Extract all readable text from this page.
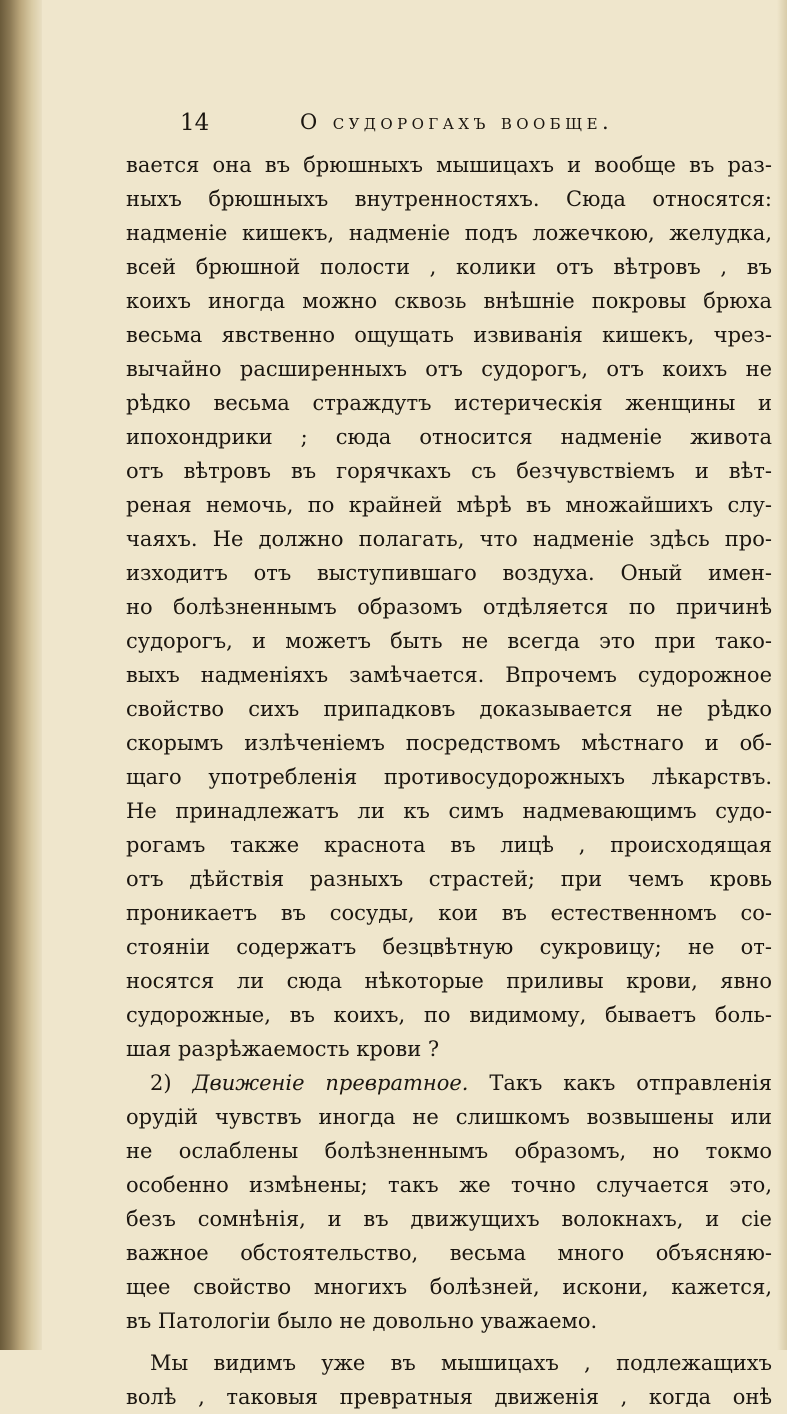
14	О судорогахъ вообще.
вается она въ брюшныхъ мышицахъ и вообще въ раз-
ныхъ брюшныхъ внутренностяхъ. Сюда относятся:
надменіе кишекъ, надменіе подъ ложечкою, желудка,
всей брюшной полости , колики отъ вѣтровъ , въ
коихъ иногда можно сквозь внѣшніе покровы брюха
весьма явственно ощущать извиванія кишекъ, чрез-
вычайно расширенныхъ отъ судорогъ, отъ коихъ не
рѣдко весьма страждутъ истерическія женщины и
ипохондрики ; сюда относится надменіе живота
отъ вѣтровъ въ горячкахъ съ безчувствіемъ и вѣт-
реная немочь, по крайней мѣрѣ въ множайшихъ слу-
чаяхъ. Не должно полагать, что надменіе здѣсь про-
изходитъ отъ выступившаго воздуха. Оный имен-
но болѣзненнымъ образомъ отдѣляется по причинѣ
судорогъ, и можетъ быть не всегда это при тако-
выхъ надменіяхъ замѣчается. Впрочемъ судорожное
свойство сихъ припадковъ доказывается не рѣдко
скорымъ излѣченіемъ посредствомъ мѣстнаго и об-
щаго употребленія противосудорожныхъ лѣкарствъ.
Не принадлежатъ ли къ симъ надмевающимъ судо-
рогамъ также краснота въ лицѣ , происходящая
отъ дѣйствія разныхъ страстей; при чемъ кровь
проникаетъ въ сосуды, кои въ естественномъ со-
стояніи содержатъ безцвѣтную сукровицу; не от-
носятся ли сюда нѣкоторые приливы крови, явно
судорожные, въ коихъ, по видимому, бываетъ боль-
шая разрѣжаемость крови ?
2) Движеніе превратное. Такъ какъ отправленія
орудій чувствъ иногда не слишкомъ возвышены или
не ослаблены болѣзненнымъ образомъ, но токмо
особенно измѣнены; такъ же точно случается это,
безъ сомнѣнія, и въ движущихъ волокнахъ, и сіе
важное обстоятельство, весьма много объясняю-
щее свойство многихъ болѣзней, искони, кажется,
въ Патологіи было не довольно уважаемо.
Мы видимъ уже въ мышицахъ , подлежащихъ
волѣ , таковыя превратныя движенія , когда онѣ
